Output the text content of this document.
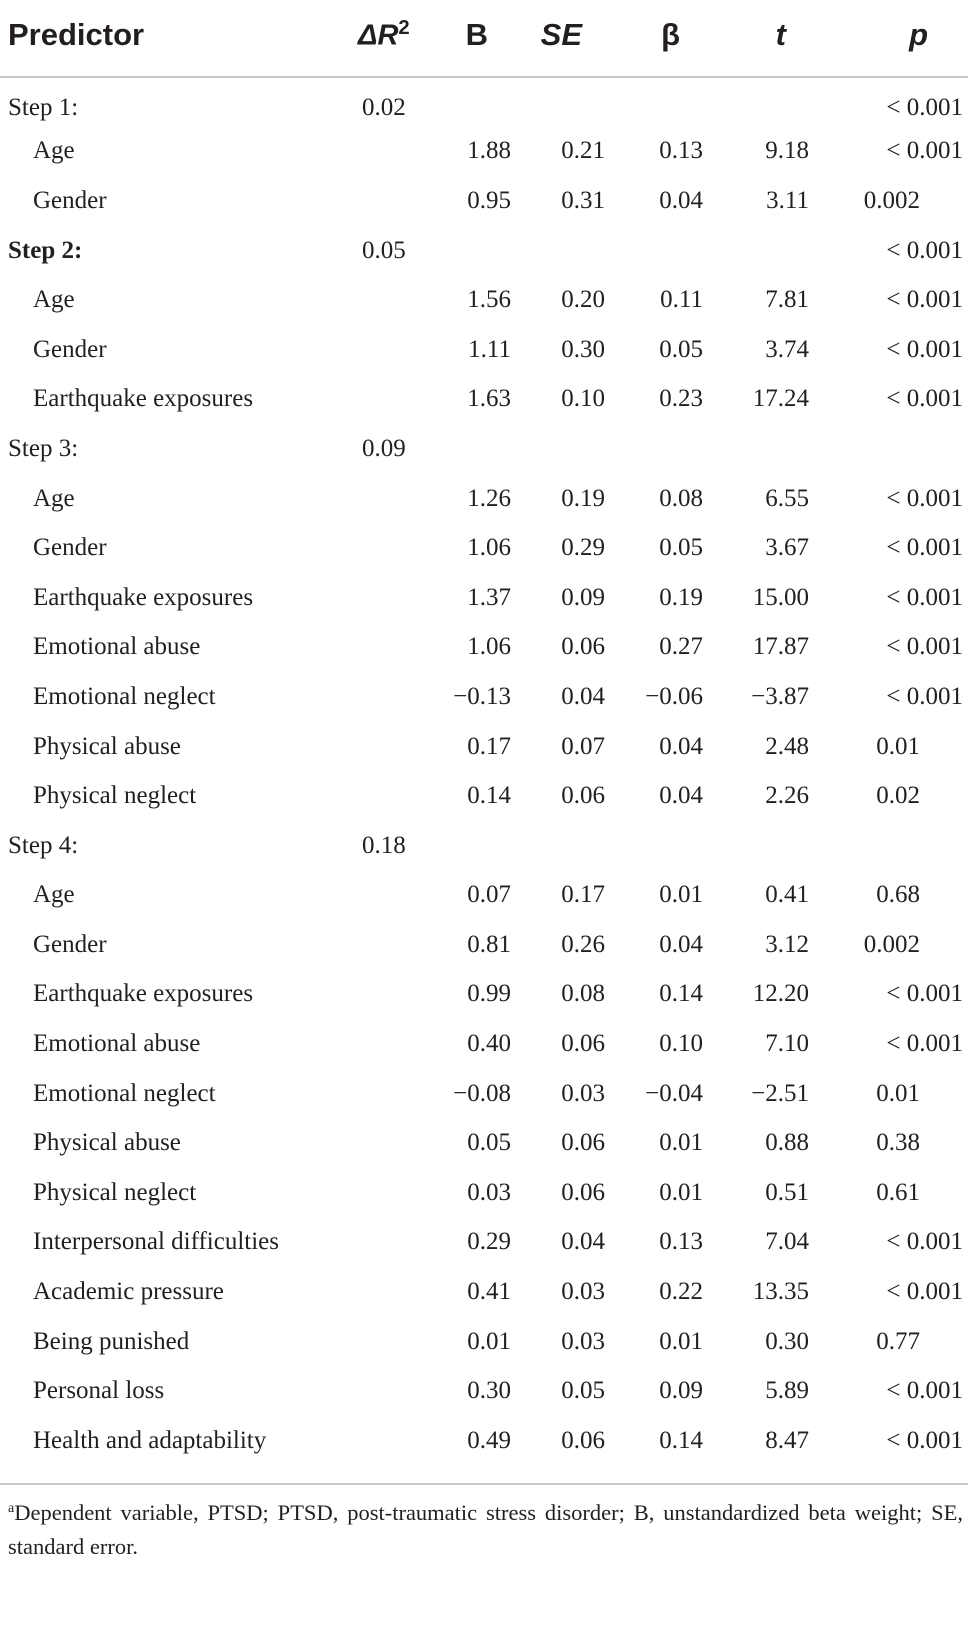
Predictor	$\Delta R^2$	B	SE	β	t	p
Step 1:	0.02					< 0.001
Age		1.88	0.21	0.13	9.18	< 0.001
Gender		0.95	0.31	0.04	3.11	0.002
Step 2:	0.05					< 0.001
Age		1.56	0.20	0.11	7.81	< 0.001
Gender		1.11	0.30	0.05	3.74	< 0.001
Earthquake exposures		1.63	0.10	0.23	17.24	< 0.001
Step 3:	0.09					
Age		1.26	0.19	0.08	6.55	< 0.001
Gender		1.06	0.29	0.05	3.67	< 0.001
Earthquake exposures		1.37	0.09	0.19	15.00	< 0.001
Emotional abuse		1.06	0.06	0.27	17.87	< 0.001
Emotional neglect		−0.13	0.04	−0.06	−3.87	< 0.001
Physical abuse		0.17	0.07	0.04	2.48	0.01
Physical neglect		0.14	0.06	0.04	2.26	0.02
Step 4:	0.18					
Age		0.07	0.17	0.01	0.41	0.68
Gender		0.81	0.26	0.04	3.12	0.002
Earthquake exposures		0.99	0.08	0.14	12.20	< 0.001
Emotional abuse		0.40	0.06	0.10	7.10	< 0.001
Emotional neglect		−0.08	0.03	−0.04	−2.51	0.01
Physical abuse		0.05	0.06	0.01	0.88	0.38
Physical neglect		0.03	0.06	0.01	0.51	0.61
Interpersonal difficulties		0.29	0.04	0.13	7.04	< 0.001
Academic pressure		0.41	0.03	0.22	13.35	< 0.001
Being punished		0.01	0.03	0.01	0.30	0.77
Personal loss		0.30	0.05	0.09	5.89	< 0.001
Health and adaptability		0.49	0.06	0.14	8.47	< 0.001
$^a$Dependent variable, PTSD; PTSD, post-traumatic stress disorder; B, unstandardized beta weight; SE, standard error.
